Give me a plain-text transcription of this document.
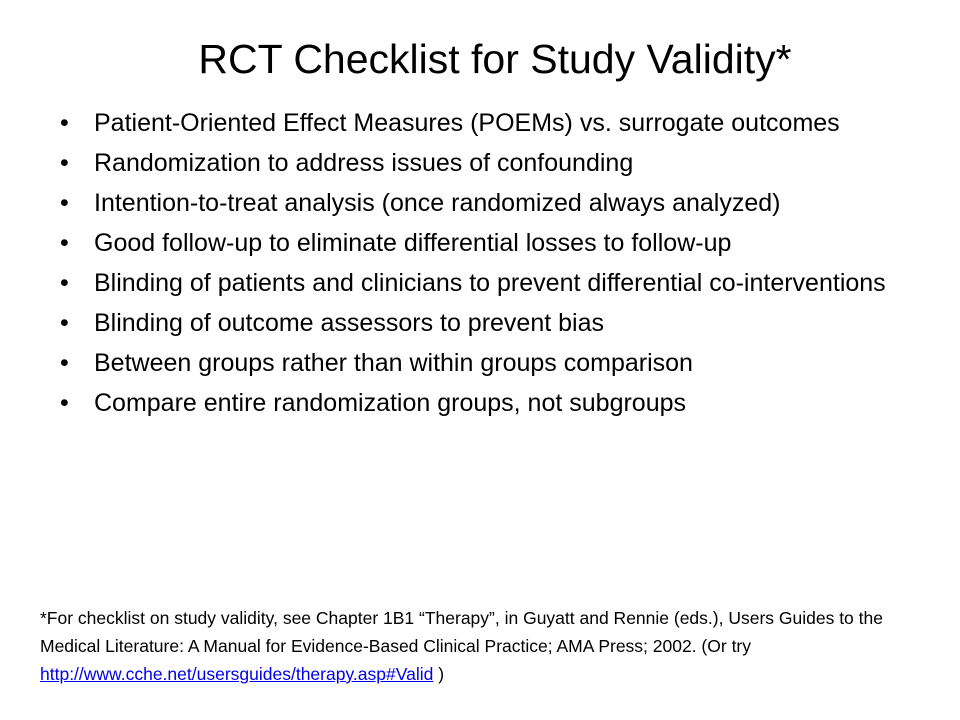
RCT Checklist for Study Validity*
• Patient-Oriented Effect Measures (POEMs) vs. surrogate outcomes
• Randomization to address issues of confounding
• Intention-to-treat analysis (once randomized always analyzed)
• Good follow-up to eliminate differential losses to follow-up
• Blinding of patients and clinicians to prevent differential co-interventions
• Blinding of outcome assessors to prevent bias
• Between groups rather than within groups comparison
• Compare entire randomization groups, not subgroups

*For checklist on study validity, see Chapter 1B1 “Therapy”, in Guyatt and Rennie (eds.), Users Guides to the Medical Literature: A Manual for Evidence-Based Clinical Practice; AMA Press; 2002. (Or try http://www.cche.net/usersguides/therapy.asp#Valid )
